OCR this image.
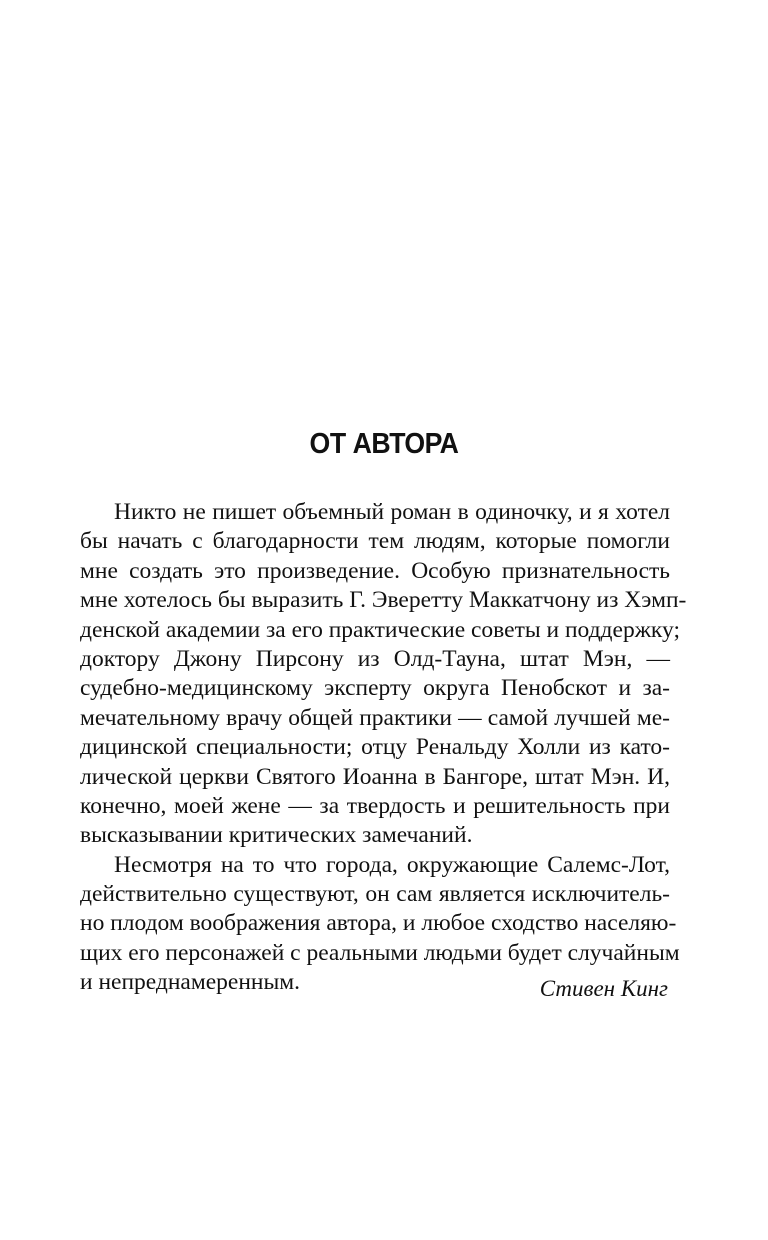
ОТ АВТОРА
Никто не пишет объемный роман в одиночку, и я хотел
бы начать с благодарности тем людям, которые помогли
мне создать это произведение. Особую признательность
мне хотелось бы выразить Г. Эверетту Маккатчону из Хэмп-
денской академии за его практические советы и поддержку;
доктору Джону Пирсону из Олд-Тауна, штат Мэн, —
судебно-медицинскому эксперту округа Пенобскот и за-
мечательному врачу общей практики — самой лучшей ме-
дицинской специальности; отцу Ренальду Холли из като-
лической церкви Святого Иоанна в Бангоре, штат Мэн. И,
конечно, моей жене — за твердость и решительность при
высказывании критических замечаний.
Несмотря на то что города, окружающие Салемс-Лот,
действительно существуют, он сам является исключитель-
но плодом воображения автора, и любое сходство населяю-
щих его персонажей с реальными людьми будет случайным
и непреднамеренным.	Стивен Кинг
